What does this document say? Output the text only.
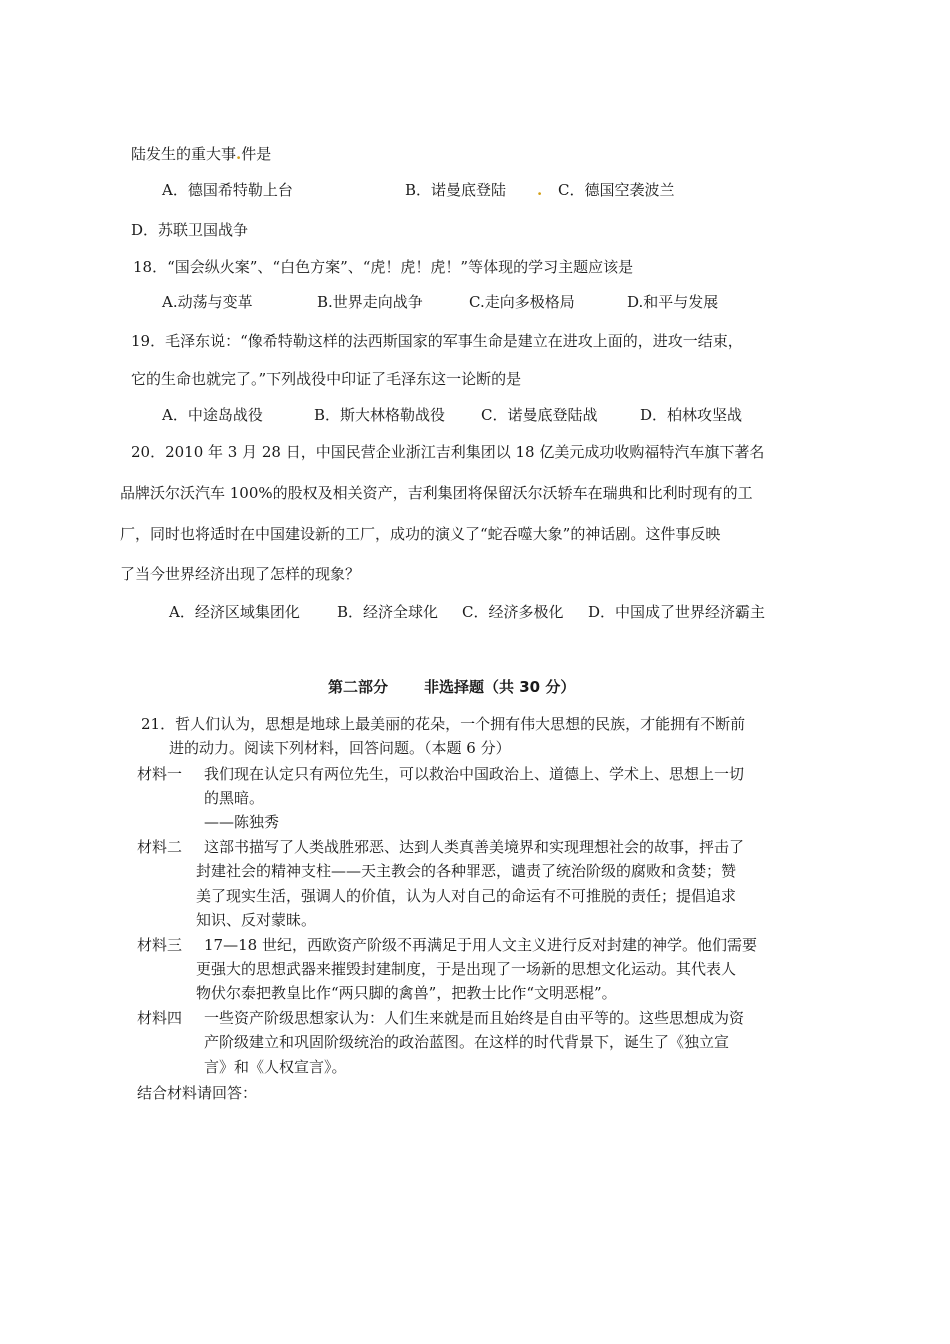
陆发生的重大事.件是
A．德国希特勒上台	B．诺曼底登陆 . C．德国空袭波兰
D．苏联卫国战争
18．“国会纵火案”、“白色方案”、“虎！虎！虎！”等体现的学习主题应该是
A.动荡与变革	B.世界走向战争	C.走向多极格局	D.和平与发展
19．毛泽东说：“像希特勒这样的法西斯国家的军事生命是建立在进攻上面的，进攻一结束，
它的生命也就完了。”下列战役中印证了毛泽东这一论断的是
A．中途岛战役	B．斯大林格勒战役 C．诺曼底登陆战	D．柏林攻坚战
20．2010 年 3 月 28 日，中国民营企业浙江吉利集团以 18 亿美元成功收购福特汽车旗下著名
品牌沃尔沃汽车 100%的股权及相关资产，吉利集团将保留沃尔沃轿车在瑞典和比利时现有的工
厂，同时也将适时在中国建设新的工厂，成功的演义了“蛇吞噬大象”的神话剧。这件事反映
了当今世界经济出现了怎样的现象？
A．经济区域集团化 B．经济全球化 C．经济多极化 D．中国成了世界经济霸主
第二部分 非选择题（共 30 分）
21．哲人们认为，思想是地球上最美丽的花朵，一个拥有伟大思想的民族，才能拥有不断前
进的动力。阅读下列材料，回答问题。（本题 6 分）
材料一 我们现在认定只有两位先生，可以救治中国政治上、道德上、学术上、思想上一切
的黑暗。
——陈独秀
材料二 这部书描写了人类战胜邪恶、达到人类真善美境界和实现理想社会的故事，抨击了
封建社会的精神支柱——天主教会的各种罪恶，谴责了统治阶级的腐败和贪婪；赞
美了现实生活，强调人的价值，认为人对自己的命运有不可推脱的责任；提倡追求
知识、反对蒙昧。
材料三 17—18 世纪，西欧资产阶级不再满足于用人文主义进行反对封建的神学。他们需要
更强大的思想武器来摧毁封建制度，于是出现了一场新的思想文化运动。其代表人
物伏尔泰把教皇比作“两只脚的禽兽”，把教士比作“文明恶棍”。
材料四 一些资产阶级思想家认为：人们生来就是而且始终是自由平等的。这些思想成为资
产阶级建立和巩固阶级统治的政治蓝图。在这样的时代背景下，诞生了《独立宣
言》和《人权宣言》。
结合材料请回答：
